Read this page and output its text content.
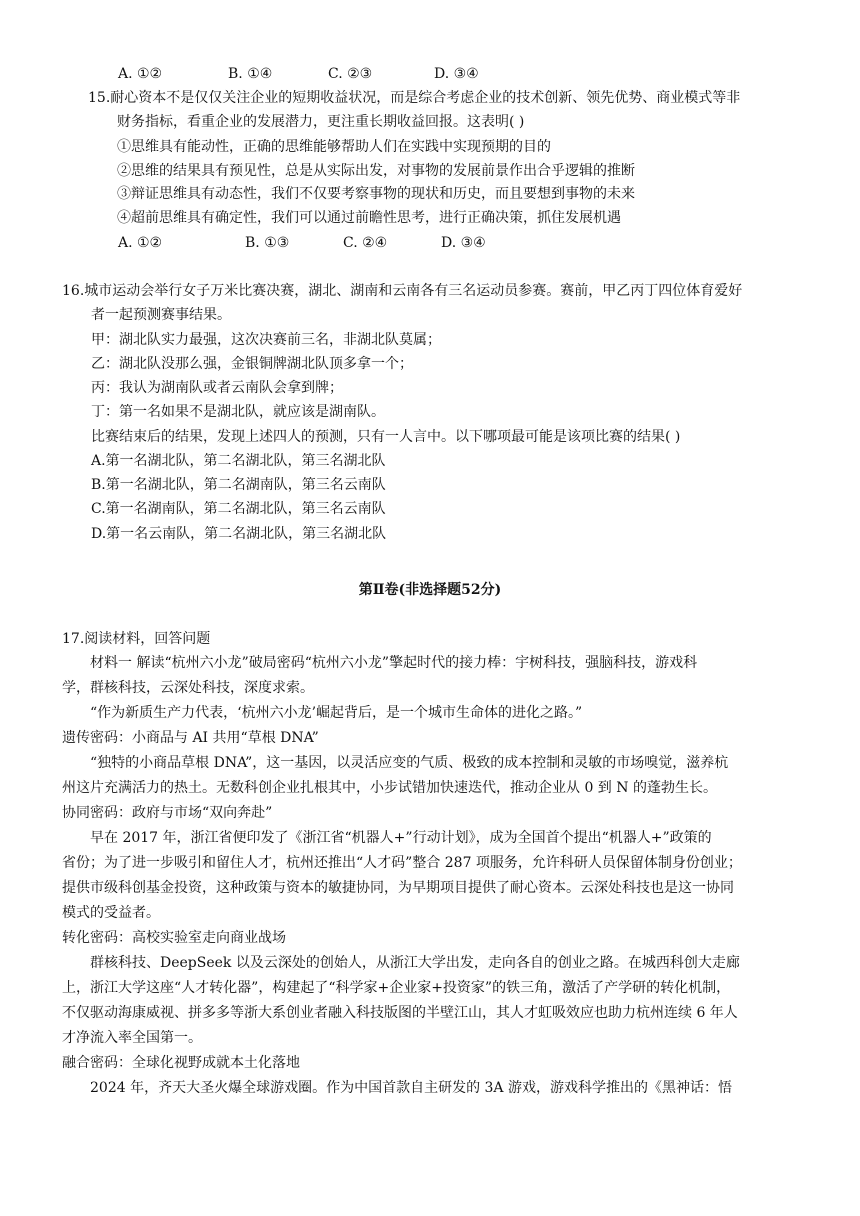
A. ①②	B. ①④	C. ②③	D. ③④
15.耐心资本不是仅仅关注企业的短期收益状况，而是综合考虑企业的技术创新、领先优势、商业模式等非
财务指标，看重企业的发展潜力，更注重长期收益回报。这表明( )
①思维具有能动性，正确的思维能够帮助人们在实践中实现预期的目的
②思维的结果具有预见性，总是从实际出发，对事物的发展前景作出合乎逻辑的推断
③辩证思维具有动态性，我们不仅要考察事物的现状和历史，而且要想到事物的未来
④超前思维具有确定性，我们可以通过前瞻性思考，进行正确决策，抓住发展机遇
A. ①②	B. ①③	C. ②④	D. ③④
16.城市运动会举行女子万米比赛决赛，湖北、湖南和云南各有三名运动员参赛。赛前，甲乙丙丁四位体育爱好
者一起预测赛事结果。
甲：湖北队实力最强，这次决赛前三名，非湖北队莫属；
乙：湖北队没那么强，金银铜牌湖北队顶多拿一个；
丙：我认为湖南队或者云南队会拿到牌；
丁：第一名如果不是湖北队，就应该是湖南队。
比赛结束后的结果，发现上述四人的预测，只有一人言中。以下哪项最可能是该项比赛的结果( )
A.第一名湖北队，第二名湖北队，第三名湖北队
B.第一名湖北队，第二名湖南队，第三名云南队
C.第一名湖南队，第二名湖北队，第三名云南队
D.第一名云南队，第二名湖北队，第三名湖北队
第Ⅱ卷(非选择题52分)
17.阅读材料，回答问题
材料一 解读“杭州六小龙”破局密码“杭州六小龙”擎起时代的接力棒：宇树科技，强脑科技，游戏科
学，群核科技，云深处科技，深度求索。
“作为新质生产力代表，‘杭州六小龙’崛起背后，是一个城市生命体的进化之路。”
遗传密码：小商品与 AI 共用“草根 DNA”
“独特的小商品草根 DNA”，这一基因，以灵活应变的气质、极致的成本控制和灵敏的市场嗅觉，滋养杭
州这片充满活力的热土。无数科创企业扎根其中，小步试错加快速迭代，推动企业从 0 到 N 的蓬勃生长。
协同密码：政府与市场“双向奔赴”
早在 2017 年，浙江省便印发了《浙江省“机器人+”行动计划》，成为全国首个提出“机器人+”政策的
省份；为了进一步吸引和留住人才，杭州还推出“人才码”整合 287 项服务，允许科研人员保留体制身份创业；
提供市级科创基金投资，这种政策与资本的敏捷协同，为早期项目提供了耐心资本。云深处科技也是这一协同
模式的受益者。
转化密码：高校实验室走向商业战场
群核科技、DeepSeek 以及云深处的创始人，从浙江大学出发，走向各自的创业之路。在城西科创大走廊
上，浙江大学这座“人才转化器”，构建起了“科学家+企业家+投资家”的铁三角，激活了产学研的转化机制，
不仅驱动海康威视、拼多多等浙大系创业者融入科技版图的半壁江山，其人才虹吸效应也助力杭州连续 6 年人
才净流入率全国第一。
融合密码：全球化视野成就本土化落地
2024 年，齐天大圣火爆全球游戏圈。作为中国首款自主研发的 3A 游戏，游戏科学推出的《黑神话：悟
